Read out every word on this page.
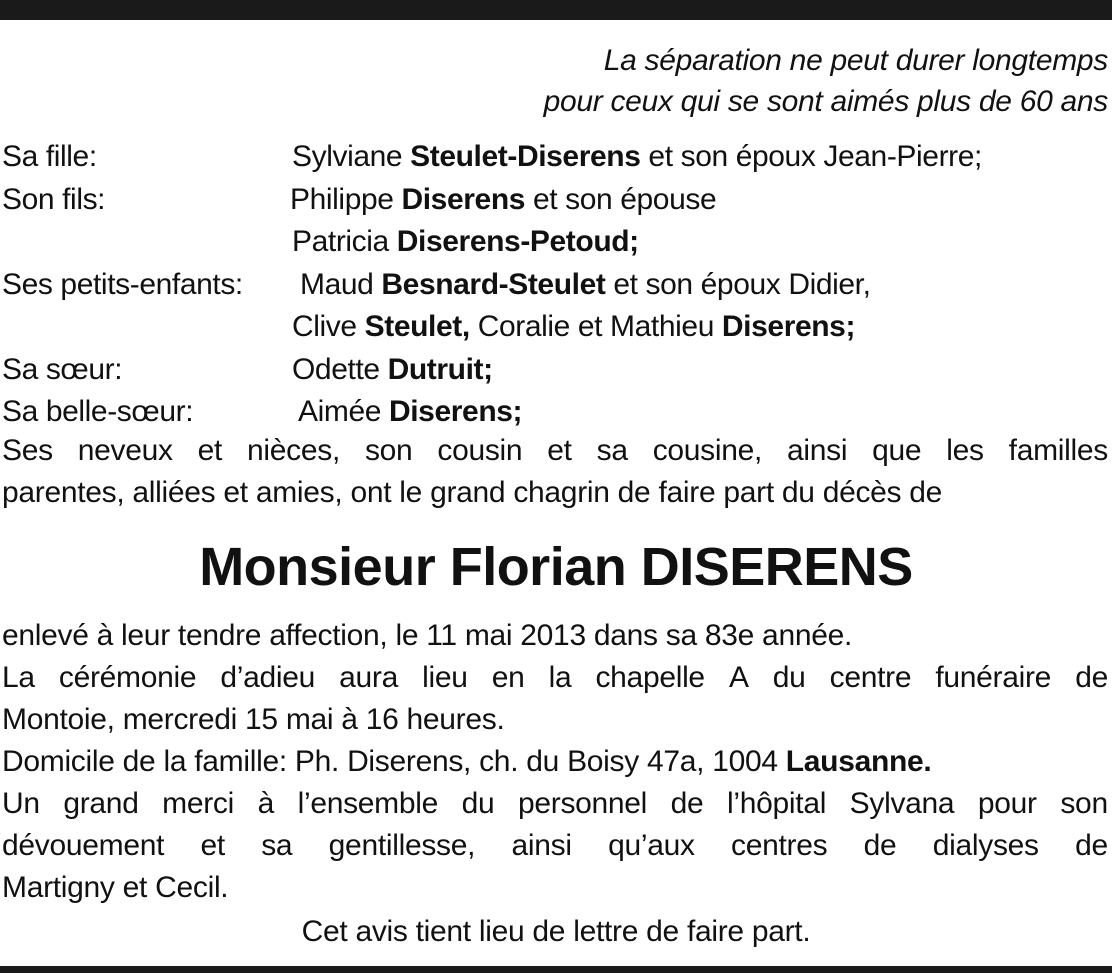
La séparation ne peut durer longtemps
pour ceux qui se sont aimés plus de 60 ans
Sa fille:	Sylviane Steulet-Diserens et son époux Jean-Pierre;
Son fils:	Philippe Diserens et son épouse
Patricia Diserens-Petoud;
Ses petits-enfants: Maud Besnard-Steulet et son époux Didier,
Clive Steulet, Coralie et Mathieu Diserens;
Sa sœur:	Odette Dutruit;
Sa belle-sœur:	Aimée Diserens;
Ses neveux et nièces, son cousin et sa cousine, ainsi que les familles
parentes, alliées et amies, ont le grand chagrin de faire part du décès de
Monsieur Florian DISERENS
enlevé à leur tendre affection, le 11 mai 2013 dans sa 83e année.
La cérémonie d’adieu aura lieu en la chapelle A du centre funéraire de
Montoie, mercredi 15 mai à 16 heures.
Domicile de la famille: Ph. Diserens, ch. du Boisy 47a, 1004 Lausanne.
Un grand merci à l’ensemble du personnel de l’hôpital Sylvana pour son
dévouement et sa gentillesse, ainsi qu’aux centres de dialyses de
Martigny et Cecil.
Cet avis tient lieu de lettre de faire part.
